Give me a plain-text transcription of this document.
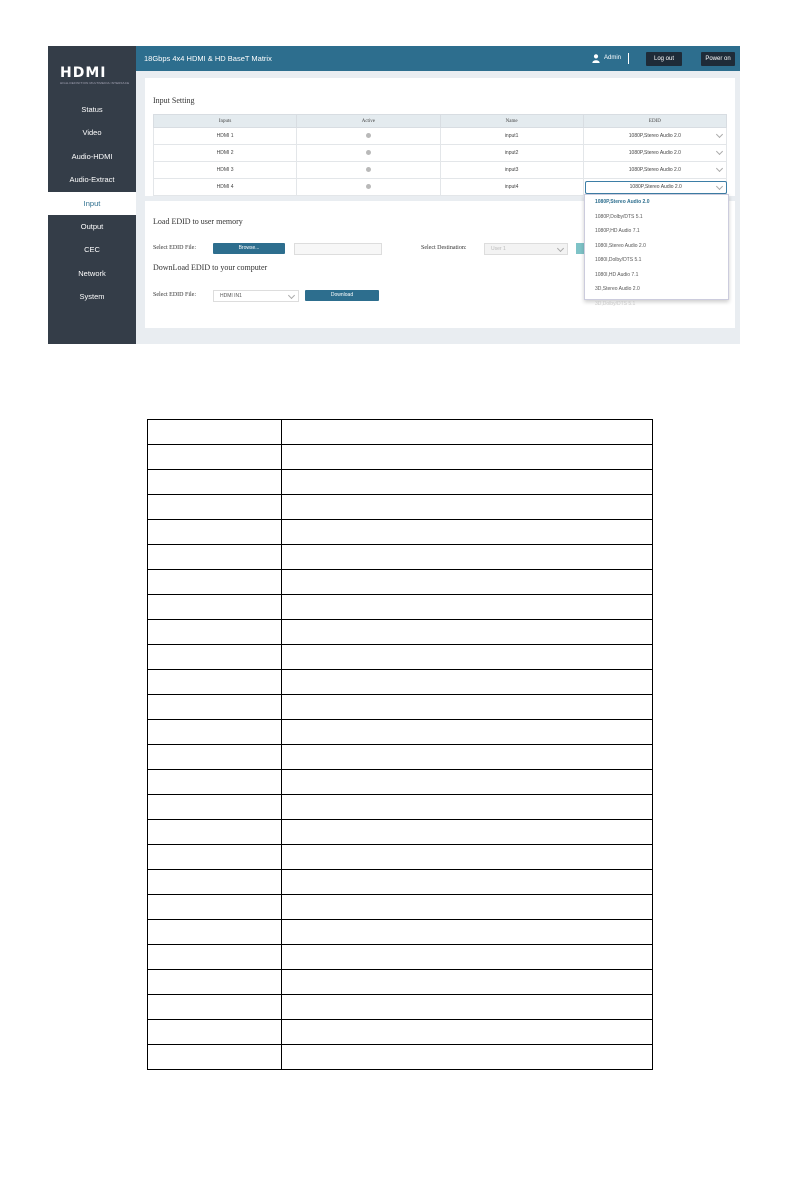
HDMI
HIGH-DEFINITION MULTIMEDIA INTERFACE
Status
Video
Audio-HDMI
Audio-Extract
Input
Output
CEC
Network
System
18Gbps 4x4 HDMI & HD BaseT Matrix	Admin	Log out	Power on
Input Setting
Inputs	Active	Name	EDID
HDMI 1		input1	1080P,Stereo Audio 2.0

HDMI 2		input2	1080P,Stereo Audio 2.0

HDMI 3		input3	1080P,Stereo Audio 2.0

HDMI 4		input4	1080P,Stereo Audio 2.0
Load EDID to user memory
Select EDID File:	Browse...	Select Destination:	User 1
DownLoad EDID to your computer
Select EDID File:	HDMI IN1	Download
1080P,Stereo Audio 2.0
1080P,Dolby/DTS 5.1
1080P,HD Audio 7.1
1080I,Stereo Audio 2.0
1080I,Dolby/DTS 5.1
1080I,HD Audio 7.1
3D,Stereo Audio 2.0
3D,Dolby/DTS 5.1
